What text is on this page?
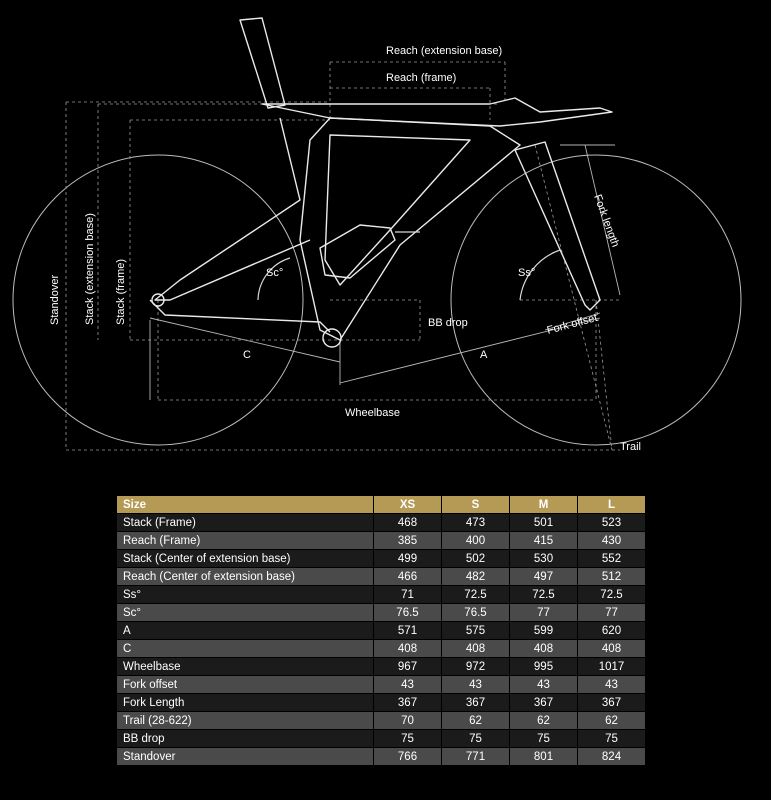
Reach (extension base)
Reach (frame)
Standover Stack (extension base) Stack (frame)	Sc°	Ss°
Fork length
Fork offset
BB drop
C	A
Wheelbase
Trail
Size	XS	S	M	L
Stack (Frame)	468	473	501	523
Reach (Frame)	385	400	415	430
Stack (Center of extension base)	499	502	530	552
Reach (Center of extension base)	466	482	497	512
Ss°	71	72.5	72.5	72.5
Sc°	76.5	76.5	77	77
A	571	575	599	620
C	408	408	408	408
Wheelbase	967	972	995	1017
Fork offset	43	43	43	43
Fork Length	367	367	367	367
Trail (28-622)	70	62	62	62
BB drop	75	75	75	75
Standover	766	771	801	824
